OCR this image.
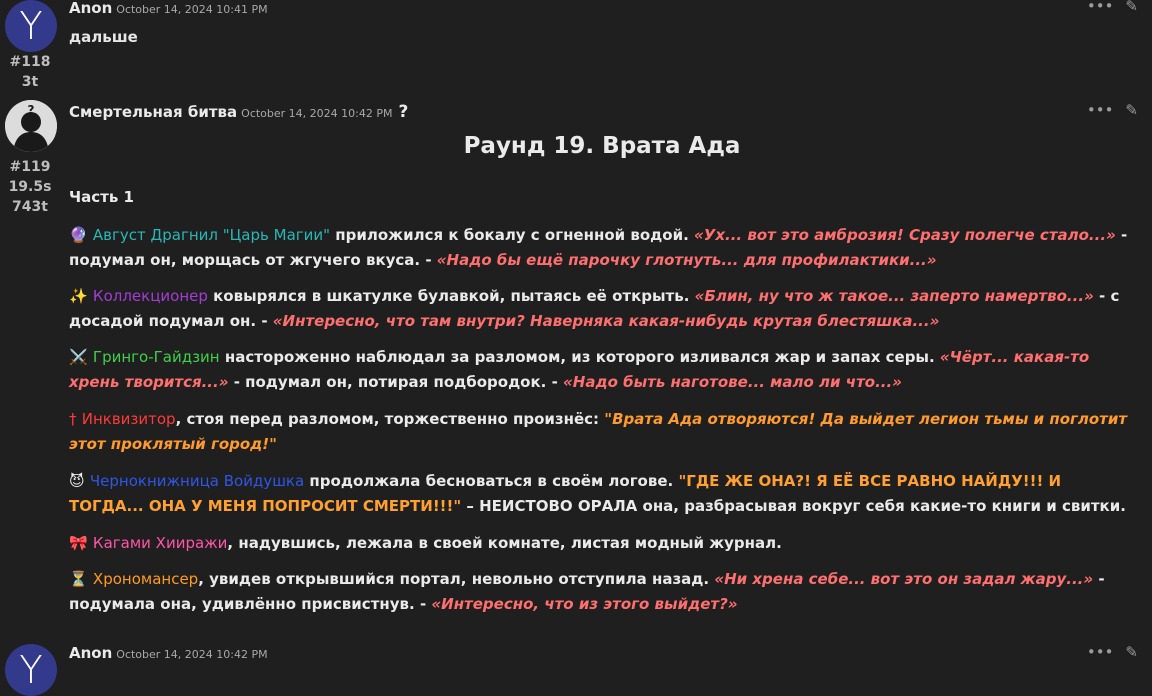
Y
#118
3t
Anon October 14, 2024 10:41 PM	••• ✎
дальше
?
#119
19.5s
743t
Смертельная битва October 14, 2024 10:42 PM ?	••• ✎
Раунд 19. Врата Ада
Часть 1
🔮 Август Драгнил "Царь Магии" приложился к бокалу с огненной водой. «Ух... вот это амброзия! Сразу полегче стало...» - подумал он, морщась от жгучего вкуса. - «Надо бы ещё парочку глотнуть... для профилактики...»
✨ Коллекционер ковырялся в шкатулке булавкой, пытаясь её открыть. «Блин, ну что ж такое... заперто намертво...» - с досадой подумал он. - «Интересно, что там внутри? Наверняка какая-нибудь крутая блестяшка...»
⚔️ Гринго-Гайдзин настороженно наблюдал за разломом, из которого изливался жар и запах серы. «Чёрт... какая-то хрень творится...» - подумал он, потирая подбородок. - «Надо быть наготове... мало ли что...»
† Инквизитор, стоя перед разломом, торжественно произнёс: "Врата Ада отворяются! Да выйдет легион тьмы и поглотит этот проклятый город!"
😈 Чернокнижница Войдушка продолжала бесноваться в своём логове. "ГДЕ ЖЕ ОНА?! Я ЕЁ ВСЕ РАВНО НАЙДУ!!! И ТОГДА... ОНА У МЕНЯ ПОПРОСИТ СМЕРТИ!!!" – НЕИСТОВО ОРАЛА она, разбрасывая вокруг себя какие-то книги и свитки.
🎀 Кагами Хииражи, надувшись, лежала в своей комнате, листая модный журнал.
⏳ Хрономансер, увидев открывшийся портал, невольно отступила назад. «Ни хрена себе... вот это он задал жару...» - подумала она, удивлённо присвистнув. - «Интересно, что из этого выйдет?»
Y	Anon October 14, 2024 10:42 PM	••• ✎
